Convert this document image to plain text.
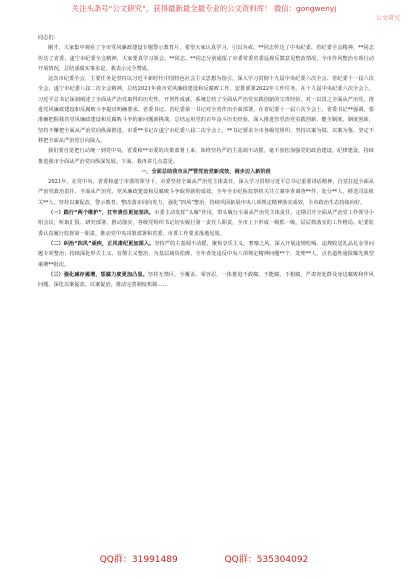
关注头条号“公文研究”，获得最新最全最专业的公文资料库！ 微信：gongwenyj
公文研究

同志们：

刚才，大家集中观看了全市党风廉政建设专题警示教育片，希望大家认真学习，引以为戒。**同志传达了中央纪委、省纪委全会精神，**同志传达了省委、遂宁市纪委全会精神，大家要真学习领会。**同志、**同志分别通报了市委常委省委巡视反馈意见整改情况、全市作风整治专项行动开展情况，总结成绩实事求是，我表示完全赞成。

这次市纪委全会，主要任务是坚持以习近平新时代中国特色社会主义思想为指引，深入学习贯彻十九届中央纪委六次全会、省纪委十一届六次全会，遂宁市纪委八届二次全会精神，总结2021年我市党风廉政建设和反腐败工作，安排部署2022年工作任务。在十九届中央纪委六次全会上，习近平总书记深刻阐述了全面从严治党取得的历史性、开创性成就，系统总结了全面从严治党实践创新的宝贵经验，对一以贯之全面从严治党、推进党风廉政建设和反腐败斗争提出明确要求。省委书记、省纪委第一书记对全省作出全面部署，在省纪委十一届六次全会上，省委书记**强调，要准确把握我省党风廉政建设和反腐败斗争的新问题新挑战，总结运用党的百年奋斗历史经验，深入推进管党治党实践创新，健全制度，制度创新，坚持不懈把全面从严治党向纵深推进。市委**书记在遂宁市纪委八届二次全会上，**书记要求全市各级党组织，坚持以案为镜、以案为鉴，坚定不移把全面从严治党引向深入。

我们要自觉把行动统一到党中央、省委和**市委的决策部署上来，始终坚持严的主基调不动摇，毫不放松加强党的政治建设、纪律建设，持续推进我市全面从严治党向纵深发展。下面，我再讲几点意见。

一、全面总结我市从严管党治党新成效，阔步迈入新阶段

2021年，在党中央、省委和遂宁市委的领导下，市委坚持全面从严治党主体责任，深入学习贯彻习近平总书记重要讲话精神，自觉扛起全面从严治党政治责任，全面从严治党、党风廉政建设和反腐败斗争取得新的成效。全年全市纪检监察机关共立案审查调查**件，处分**人，移送司法机关**人。坚持以案促改，警示教育、整改落实同向发力，强化“四风”整治，持续巩固拓展中央八项规定精神落实成效，全市政治生态持续向好。

（一）践行“两个维护”，扛牢责任更加坚决。市委主动发挥“头雁”作用，带头履行全面从严治党主体责任，定期召开全面从严治党工作领导小组会议，听取汇报、研究部署、推动落实，各级党组织书记切实履行第一责任人职责，全市上下形成一级抓一级、层层抓落实的工作格局。纪委监委认真履行监督第一职责，推动党中央决策部署和省委、市委工作要求落地见效。

（二）纠治“四风”顽疾，正风肃纪更加深入。坚持严的主基调不动摇，聚焦享乐主义、奢靡之风，深入开展违规吃喝、违规收送礼品礼金等问题专项整治；持续深化形式主义、官僚主义整治，为基层减负松绑。全年查处违反中央八项规定精神问题**个，处理**人，点名道姓通报曝光典型案例**批次。

（三）强化减存遏增，惩腐力度更加凸显。坚持无禁区、全覆盖、零容忍，一体推进不敢腐、不能腐、不想腐，严肃查处群众身边腐败和作风问题，深化以案促改、以案促治，推动完善制度机制……

QQ群：31991489	QQ群：535304092
